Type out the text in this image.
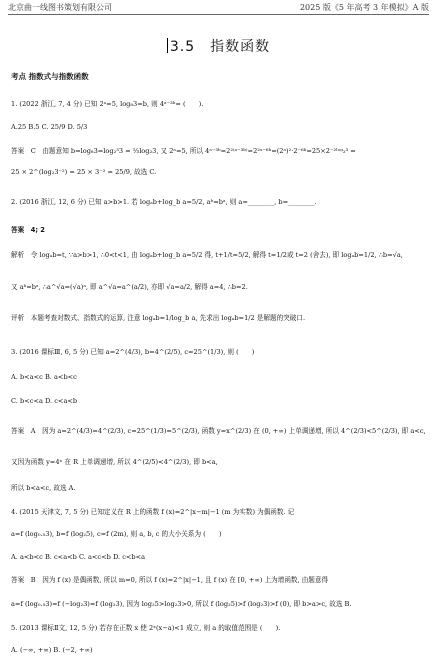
北京曲一线图书策划有限公司	2025 版《5 年高考 3 年模拟》A 版
3.5　指数函数
考点 指数式与指数函数
1. (2022 浙江, 7, 4 分) 已知 2ᵃ=5, log₈3=b, 则 4ᵃ⁻³ᵇ= (　　).
A.25 B.5 C. 25/9 D. 5/3
答案　C　由题意知 b=log₈3=log₂³3 = ⅓log₂3, 又 2ᵃ=5, 所以 4ᵃ⁻³ᵇ=2²⁽ᵃ⁻³ᵇ⁾=2²ᵃ⁻⁶ᵇ=(2ᵃ)²·2⁻⁶ᵇ=25×2⁻²ˡᵒᵍ₂³ =
25 × 2^(log₂3⁻²) = 25 × 3⁻² = 25/9, 故选 C.
2. (2016 浙江, 12, 6 分) 已知 a>b>1. 若 logₐb+log_b a=5/2, aᵇ=bᵃ, 则 a=________, b=________.
答案　4; 2
解析　令 logₐb=t, ∵a>b>1, ∴0<t<1, 由 logₐb+log_b a=5/2 得, t+1/t=5/2, 解得 t=1/2或 t=2 (舍去), 即 logₐb=1/2, ∴b=√a,
又 aᵇ=bᵃ, ∴a^√a=(√a)ᵃ, 即 a^√a=a^(a/2), 亦即 √a=a/2, 解得 a=4, ∴b=2.
评析　本题考查对数式、指数式的运算, 注意 logₐb=1/log_b a, 先求出 logₐb=1/2 是解题的突破口.
3. (2016 课标Ⅲ, 6, 5 分) 已知 a=2^(4/3), b=4^(2/5), c=25^(1/3), 则 (　　)
A. b<a<c B. a<b<c
C. b<c<a D. c<a<b
答案　A　因为 a=2^(4/3)=4^(2/3), c=25^(1/3)=5^(2/3), 函数 y=x^(2/3) 在 (0, +∞) 上单调递增, 所以 4^(2/3)<5^(2/3), 即 a<c,
又因为函数 y=4ˣ 在 R 上单调递增, 所以 4^(2/5)<4^(2/3), 即 b<a,
所以 b<a<c, 故选 A.
4. (2015 天津文, 7, 5 分) 已知定义在 R 上的函数 f (x)=2^|x−m|−1 (m 为实数) 为偶函数. 记
a=f (log₀.₅3), b=f (log₂5), c=f (2m), 则 a, b, c 的大小关系为 (　　)
A. a<b<c B. c<a<b C. a<c<b D. c<b<a
答案　B　因为 f (x) 是偶函数, 所以 m=0, 所以 f (x)=2^|x|−1, 且 f (x) 在 [0, +∞) 上为增函数, 由题意得
a=f (log₀.₅3)=f (−log₂3)=f (log₂3), 因为 log₂5>log₂3>0, 所以 f (log₂5)>f (log₂3)>f (0), 即 b>a>c, 故选 B.
5. (2013 课标Ⅱ文, 12, 5 分) 若存在正数 x 使 2ˣ(x−a)<1 成立, 则 a 的取值范围是 (　　).
A. (−∞, +∞) B. (−2, +∞)
